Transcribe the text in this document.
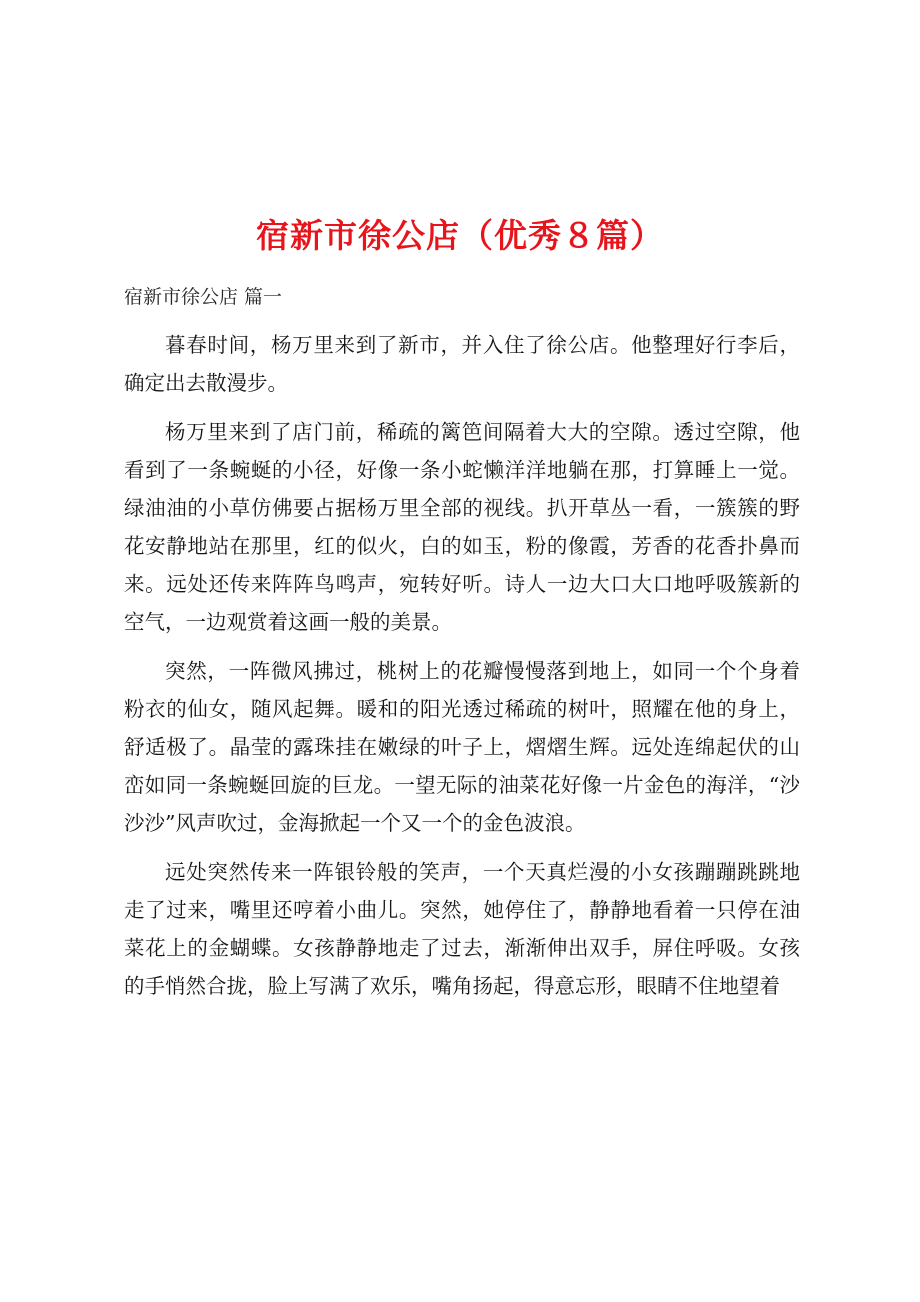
宿新市徐公店（优秀８篇）
宿新市徐公店 篇一

暮春时间，杨万里来到了新市，并入住了徐公店。他整理好行李后，确定出去散漫步。

杨万里来到了店门前，稀疏的篱笆间隔着大大的空隙。透过空隙，他看到了一条蜿蜒的小径，好像一条小蛇懒洋洋地躺在那，打算睡上一觉。绿油油的小草仿佛要占据杨万里全部的视线。扒开草丛一看，一簇簇的野花安静地站在那里，红的似火，白的如玉，粉的像霞，芳香的花香扑鼻而来。远处还传来阵阵鸟鸣声，宛转好听。诗人一边大口大口地呼吸簇新的空气，一边观赏着这画一般的美景。

突然，一阵微风拂过，桃树上的花瓣慢慢落到地上，如同一个个身着粉衣的仙女，随风起舞。暖和的阳光透过稀疏的树叶，照耀在他的身上，舒适极了。晶莹的露珠挂在嫩绿的叶子上，熠熠生辉。远处连绵起伏的山峦如同一条蜿蜒回旋的巨龙。一望无际的油菜花好像一片金色的海洋，“沙沙沙”风声吹过，金海掀起一个又一个的金色波浪。

远处突然传来一阵银铃般的笑声，一个天真烂漫的小女孩蹦蹦跳跳地走了过来，嘴里还哼着小曲儿。突然，她停住了，静静地看着一只停在油菜花上的金蝴蝶。女孩静静地走了过去，渐渐伸出双手，屏住呼吸。女孩的手悄然合拢，脸上写满了欢乐，嘴角扬起，得意忘形，眼睛不住地望着
